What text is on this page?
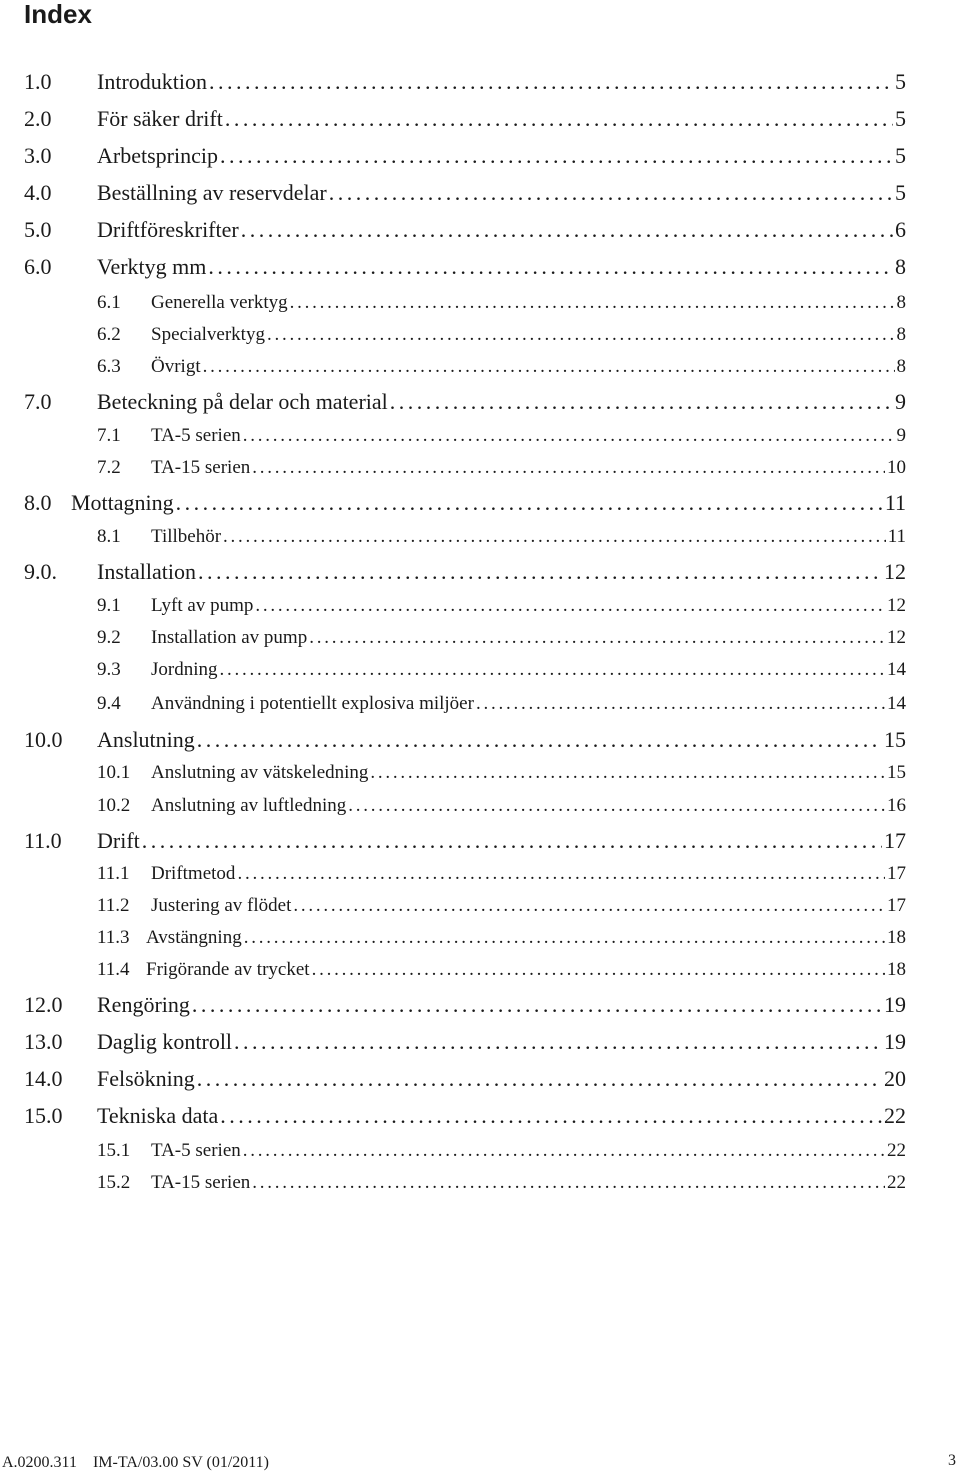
Index
1.0	Introduktion . . .	5
2.0	För säker drift . . .	5
3.0	Arbetsprincip . . .	5
4.0	Beställning av reservdelar . . .	5
5.0	Driftföreskrifter . . .	6
6.0	Verktyg mm . . .	8
6.1	Generella verktyg . . .	8
6.2	Specialverktyg . . .	8
6.3	Övrigt . . .	8
7.0	Beteckning på delar och material . . .	9
7.1	TA-5 serien . . .	9
7.2	TA-15 serien . . .	10
8.0 Mottagning . . .	11
8.1	Tillbehör . . .	11
9.0.	Installation . . .	12
9.1	Lyft av pump . . .	12
9.2	Installation av pump . . .	12
9.3	Jordning . . .	14
9.4	Användning i potentiellt explosiva miljöer . . .	14
10.0	Anslutning . . .	15
10.1	Anslutning av vätskeledning . . .	15
10.2	Anslutning av luftledning . . .	16
11.0	Drift . . .	17
11.1	Driftmetod . . .	17
11.2	Justering av flödet . . .	17
11.3 Avstängning . . .	18
11.4 Frigörande av trycket . . .	18
12.0	Rengöring . . .	19
13.0	Daglig kontroll . . .	19
14.0	Felsökning . . .	20
15.0	Tekniska data . . .	22
15.1	TA-5 serien . . .	22
15.2	TA-15 serien . . .	22
A.0200.311    IM-TA/03.00 SV (01/2011)	3
